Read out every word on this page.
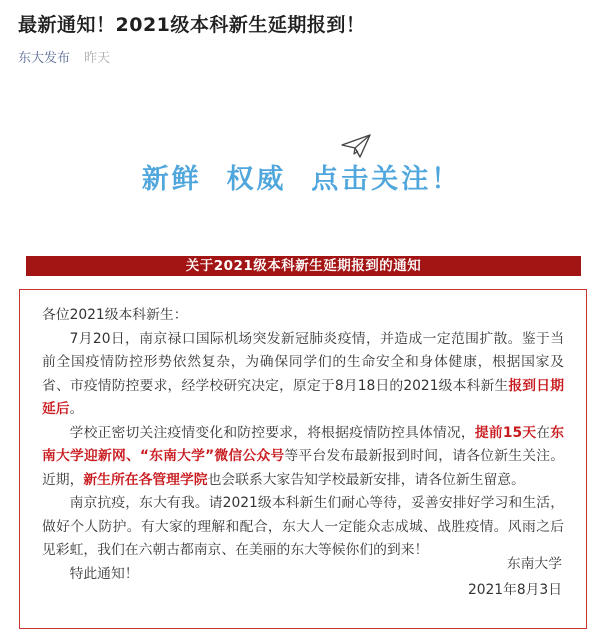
最新通知！2021级本科新生延期报到！
东大发布 昨天
新鲜  权威  点击关注！
关于2021级本科新生延期报到的通知

各位2021级本科新生：

7月20日，南京禄口国际机场突发新冠肺炎疫情，并造成一定范围扩散。鉴于当前全国疫情防控形势依然复杂，为确保同学们的生命安全和身体健康，根据国家及省、市疫情防控要求，经学校研究决定，原定于8月18日的2021级本科新生报到日期延后。

学校正密切关注疫情变化和防控要求，将根据疫情防控具体情况，提前15天在东南大学迎新网、“东南大学”微信公众号等平台发布最新报到时间，请各位新生关注。近期，新生所在各管理学院也会联系大家告知学校最新安排，请各位新生留意。

南京抗疫，东大有我。请2021级本科新生们耐心等待，妥善安排好学习和生活，做好个人防护。有大家的理解和配合，东大人一定能众志成城、战胜疫情。风雨之后见彩虹，我们在六朝古都南京、在美丽的东大等候你们的到来！

特此通知！

东南大学
2021年8月3日
